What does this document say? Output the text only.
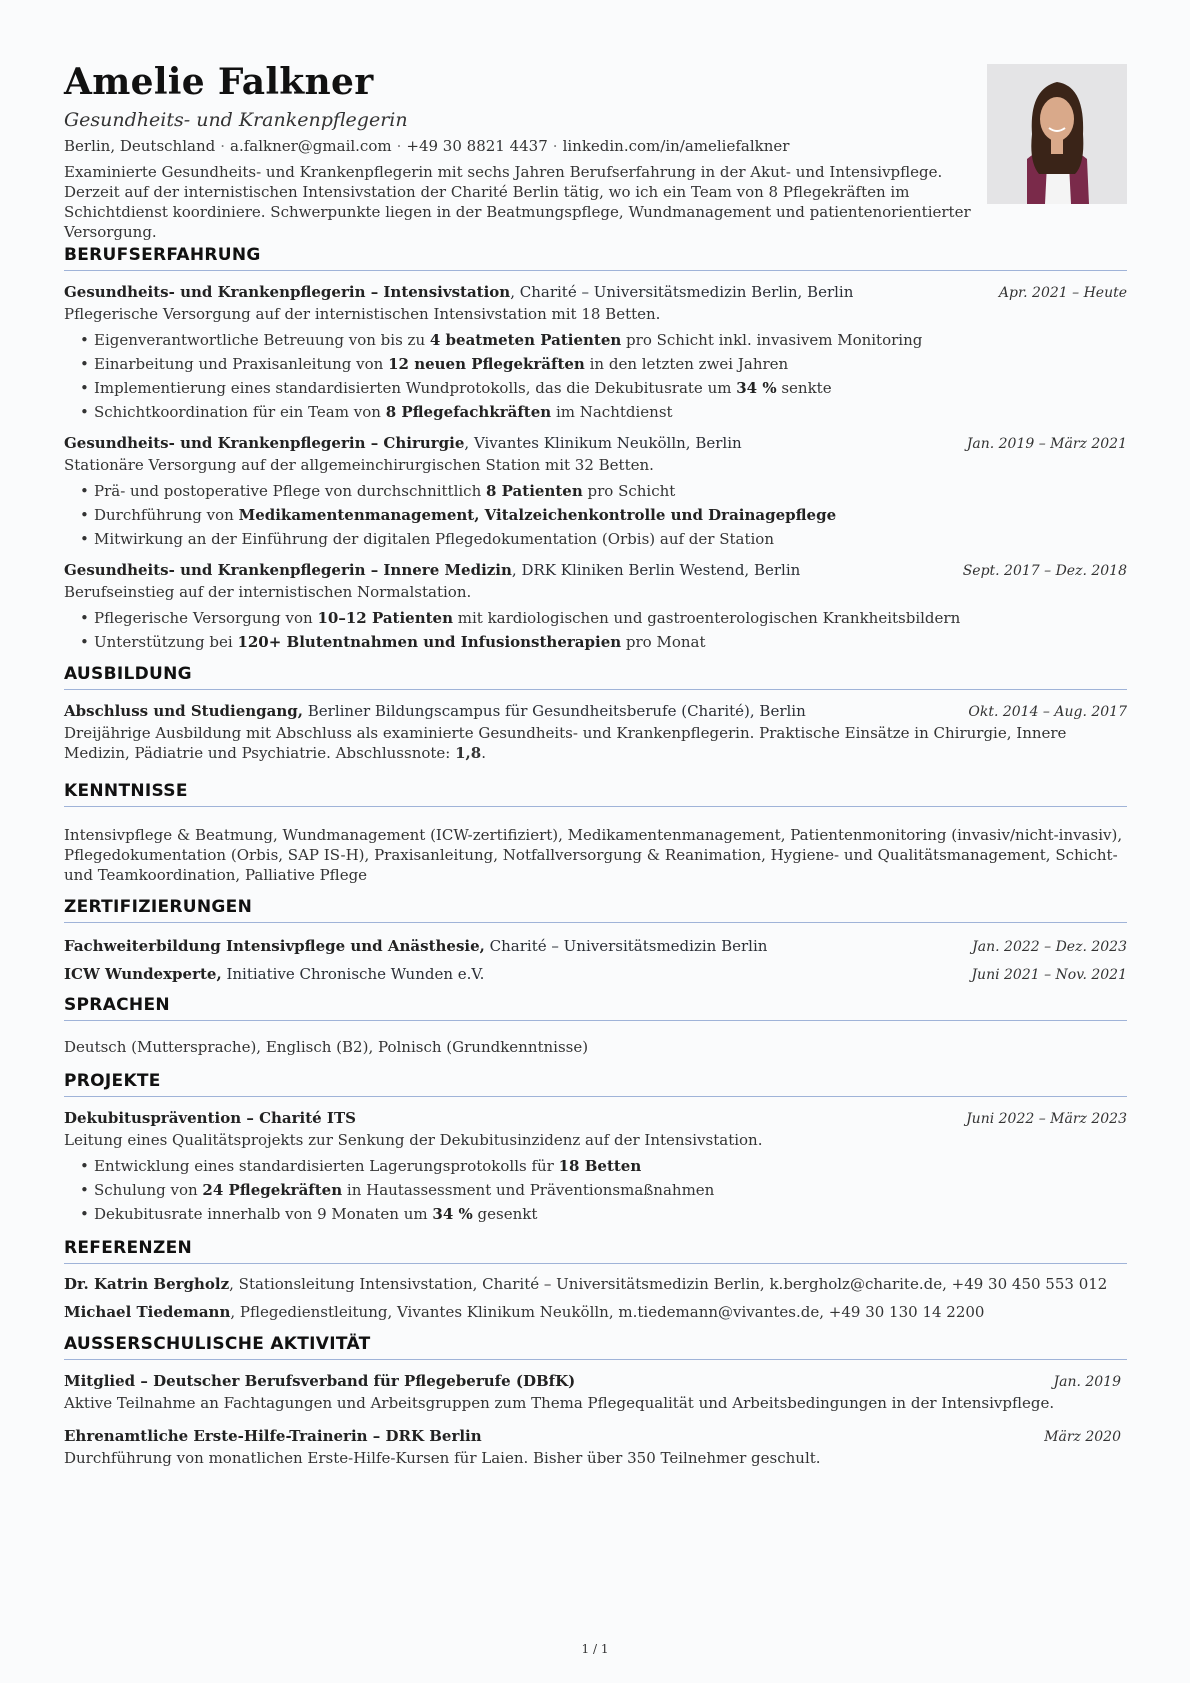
Amelie Falkner
Gesundheits- und Krankenpflegerin
Berlin, Deutschland · a.falkner@gmail.com · +49 30 8821 4437 · linkedin.com/in/ameliefalkner
Examinierte Gesundheits- und Krankenpflegerin mit sechs Jahren Berufserfahrung in der Akut- und Intensivpflege. Derzeit auf der internistischen Intensivstation der Charité Berlin tätig, wo ich ein Team von 8 Pflegekräften im Schichtdienst koordiniere. Schwerpunkte liegen in der Beatmungspflege, Wundmanagement und patientenorientierter Versorgung.
BERUFSERFAHRUNG
Gesundheits- und Krankenpflegerin – Intensivstation, Charité – Universitätsmedizin Berlin, Berlin	Apr. 2021 – Heute
Pflegerische Versorgung auf der internistischen Intensivstation mit 18 Betten.
• Eigenverantwortliche Betreuung von bis zu 4 beatmeten Patienten pro Schicht inkl. invasivem Monitoring
• Einarbeitung und Praxisanleitung von 12 neuen Pflegekräften in den letzten zwei Jahren
• Implementierung eines standardisierten Wundprotokolls, das die Dekubitusrate um 34 % senkte
• Schichtkoordination für ein Team von 8 Pflegefachkräften im Nachtdienst
Gesundheits- und Krankenpflegerin – Chirurgie, Vivantes Klinikum Neukölln, Berlin	Jan. 2019 – März 2021
Stationäre Versorgung auf der allgemeinchirurgischen Station mit 32 Betten.
• Prä- und postoperative Pflege von durchschnittlich 8 Patienten pro Schicht
• Durchführung von Medikamentenmanagement, Vitalzeichenkontrolle und Drainagepflege
• Mitwirkung an der Einführung der digitalen Pflegedokumentation (Orbis) auf der Station
Gesundheits- und Krankenpflegerin – Innere Medizin, DRK Kliniken Berlin Westend, Berlin	Sept. 2017 – Dez. 2018
Berufseinstieg auf der internistischen Normalstation.
• Pflegerische Versorgung von 10–12 Patienten mit kardiologischen und gastroenterologischen Krankheitsbildern
• Unterstützung bei 120+ Blutentnahmen und Infusionstherapien pro Monat
AUSBILDUNG
Abschluss und Studiengang, Berliner Bildungscampus für Gesundheitsberufe (Charité), Berlin	Okt. 2014 – Aug. 2017
Dreijährige Ausbildung mit Abschluss als examinierte Gesundheits- und Krankenpflegerin. Praktische Einsätze in Chirurgie, Innere Medizin, Pädiatrie und Psychiatrie. Abschlussnote: 1,8.
KENNTNISSE
Intensivpflege & Beatmung, Wundmanagement (ICW-zertifiziert), Medikamentenmanagement, Patientenmonitoring (invasiv/nicht-invasiv), Pflegedokumentation (Orbis, SAP IS-H), Praxisanleitung, Notfallversorgung & Reanimation, Hygiene- und Qualitätsmanagement, Schicht- und Teamkoordination, Palliative Pflege
ZERTIFIZIERUNGEN
Fachweiterbildung Intensivpflege und Anästhesie, Charité – Universitätsmedizin Berlin	Jan. 2022 – Dez. 2023
ICW Wundexperte, Initiative Chronische Wunden e.V.	Juni 2021 – Nov. 2021
SPRACHEN
Deutsch (Muttersprache), Englisch (B2), Polnisch (Grundkenntnisse)
PROJEKTE
Dekubitusprävention – Charité ITS	Juni 2022 – März 2023
Leitung eines Qualitätsprojekts zur Senkung der Dekubitusinzidenz auf der Intensivstation.
• Entwicklung eines standardisierten Lagerungsprotokolls für 18 Betten
• Schulung von 24 Pflegekräften in Hautassessment und Präventionsmaßnahmen
• Dekubitusrate innerhalb von 9 Monaten um 34 % gesenkt
REFERENZEN
Dr. Katrin Bergholz, Stationsleitung Intensivstation, Charité – Universitätsmedizin Berlin, k.bergholz@charite.de, +49 30 450 553 012
Michael Tiedemann, Pflegedienstleitung, Vivantes Klinikum Neukölln, m.tiedemann@vivantes.de, +49 30 130 14 2200
AUSSERSCHULISCHE AKTIVITÄT
Mitglied – Deutscher Berufsverband für Pflegeberufe (DBfK)	Jan. 2019
Aktive Teilnahme an Fachtagungen und Arbeitsgruppen zum Thema Pflegequalität und Arbeitsbedingungen in der Intensivpflege.
Ehrenamtliche Erste-Hilfe-Trainerin – DRK Berlin	März 2020
Durchführung von monatlichen Erste-Hilfe-Kursen für Laien. Bisher über 350 Teilnehmer geschult.
1 / 1
